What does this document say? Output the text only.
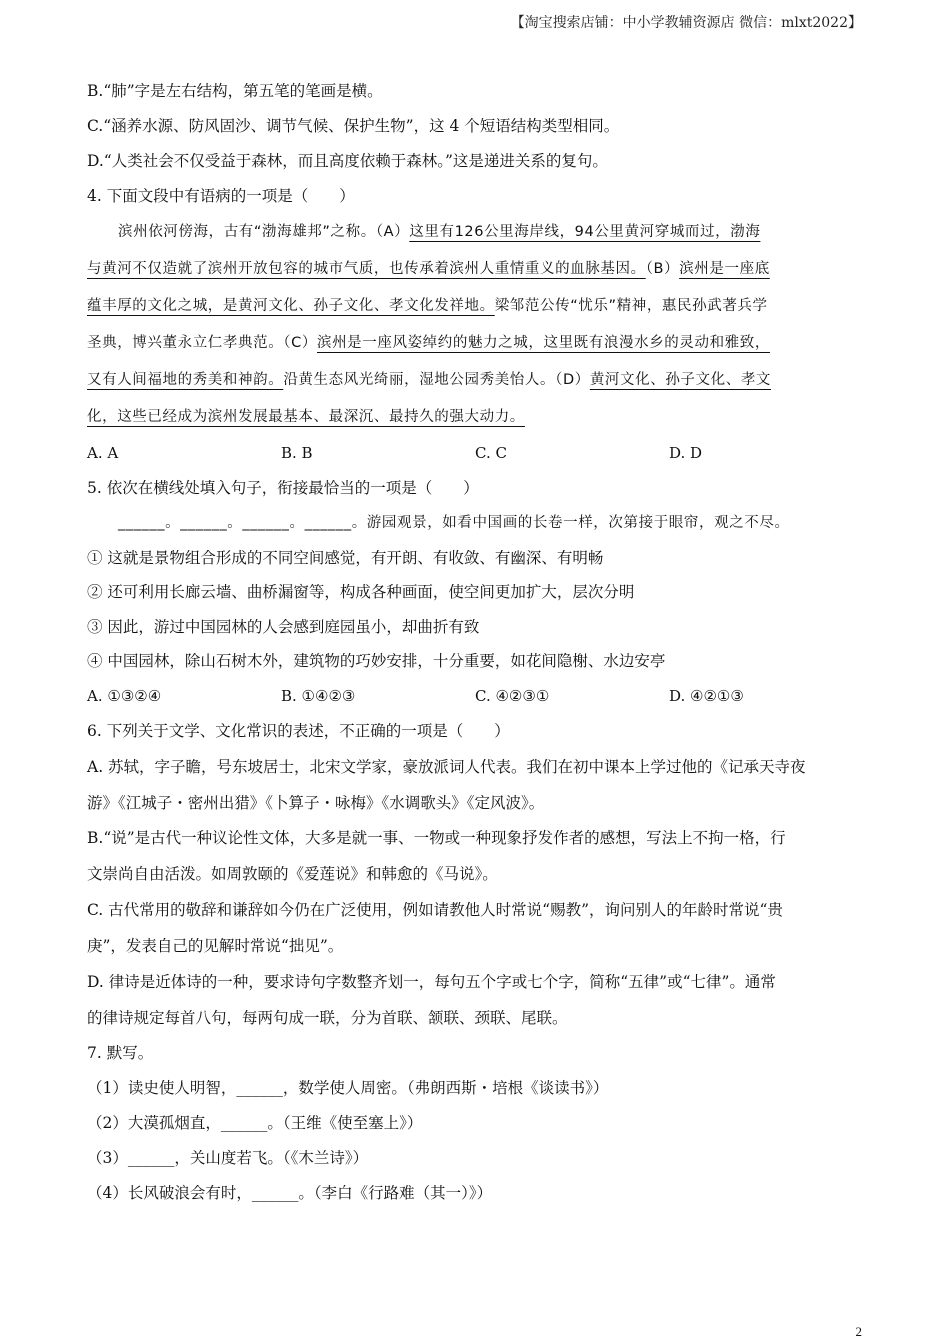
【淘宝搜索店铺：中小学教辅资源店 微信：mlxt2022】
B.“肺”字是左右结构，第五笔的笔画是横。
C.“涵养水源、防风固沙、调节气候、保护生物”，这 4 个短语结构类型相同。
D.“人类社会不仅受益于森林，而且高度依赖于森林。”这是递进关系的复句。
4. 下面文段中有语病的一项是（　　）
滨州依河傍海，古有“渤海雄邦”之称。（A）这里有126公里海岸线，94公里黄河穿城而过，渤海
与黄河不仅造就了滨州开放包容的城市气质，也传承着滨州人重情重义的血脉基因。（B）滨州是一座底
蕴丰厚的文化之城，是黄河文化、孙子文化、孝文化发祥地。梁邹范公传“忧乐”精神，惠民孙武著兵学
圣典，博兴董永立仁孝典范。（C）滨州是一座风姿绰约的魅力之城，这里既有浪漫水乡的灵动和雅致，
又有人间福地的秀美和神韵。沿黄生态风光绮丽，湿地公园秀美怡人。（D）黄河文化、孙子文化、孝文
化，这些已经成为滨州发展最基本、最深沉、最持久的强大动力。
A. A	B. B	C. C	D. D
5. 依次在横线处填入句子，衔接最恰当的一项是（　　）
______。______。______。______。游园观景，如看中国画的长卷一样，次第接于眼帘，观之不尽。
① 这就是景物组合形成的不同空间感觉，有开朗、有收敛、有幽深、有明畅
② 还可利用长廊云墙、曲桥漏窗等，构成各种画面，使空间更加扩大，层次分明
③ 因此，游过中国园林的人会感到庭园虽小，却曲折有致
④ 中国园林，除山石树木外，建筑物的巧妙安排，十分重要，如花间隐榭、水边安亭
A. ①③②④	B. ①④②③	C. ④②③①	D. ④②①③
6. 下列关于文学、文化常识的表述，不正确的一项是（　　）
A. 苏轼，字子瞻，号东坡居士，北宋文学家，豪放派词人代表。我们在初中课本上学过他的《记承天寺夜
游》《江城子・密州出猎》《卜算子・咏梅》《水调歌头》《定风波》。
B.“说”是古代一种议论性文体，大多是就一事、一物或一种现象抒发作者的感想，写法上不拘一格，行
文崇尚自由活泼。如周敦颐的《爱莲说》和韩愈的《马说》。
C. 古代常用的敬辞和谦辞如今仍在广泛使用，例如请教他人时常说“赐教”，询问别人的年龄时常说“贵
庚”，发表自己的见解时常说“拙见”。
D. 律诗是近体诗的一种，要求诗句字数整齐划一，每句五个字或七个字，简称“五律”或“七律”。通常
的律诗规定每首八句，每两句成一联，分为首联、颔联、颈联、尾联。
7. 默写。
（1）读史使人明智，______，数学使人周密。（弗朗西斯・培根《谈读书》）
（2）大漠孤烟直，______。（王维《使至塞上》）
（3）______，关山度若飞。（《木兰诗》）
（4）长风破浪会有时，______。（李白《行路难（其一）》）
2
